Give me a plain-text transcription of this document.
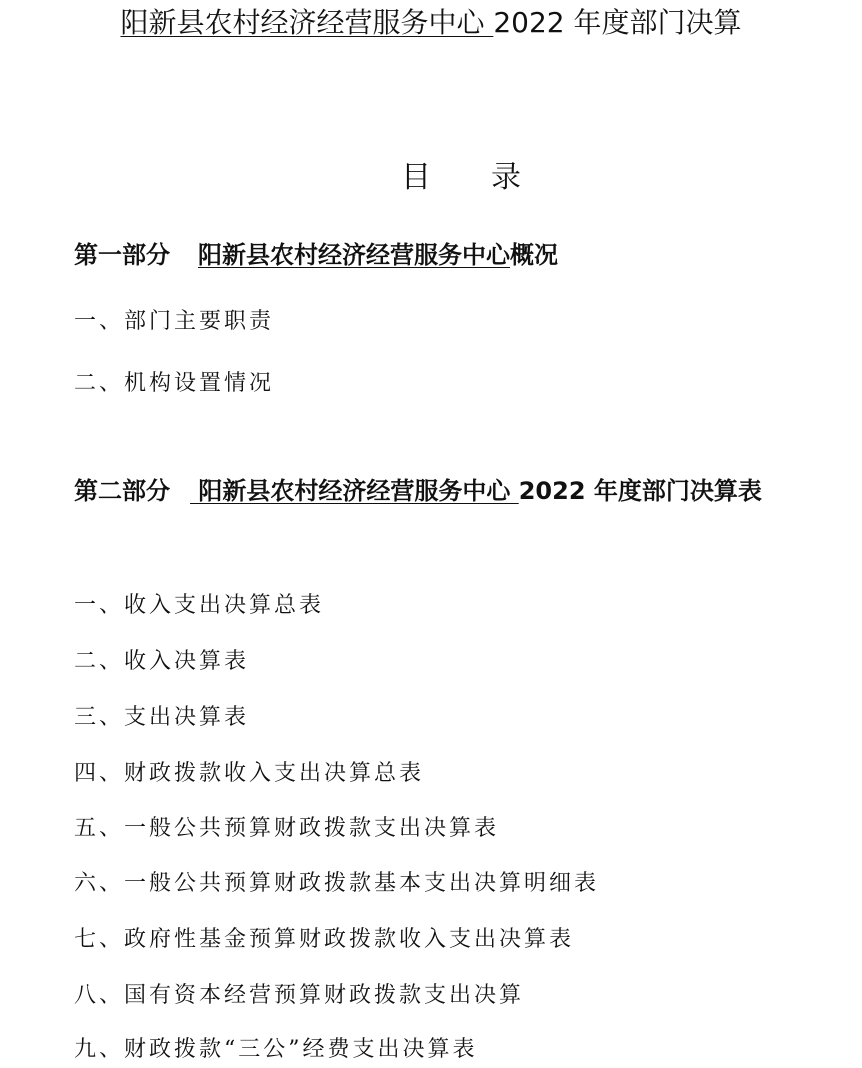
阳新县农村经济经营服务中心 2022 年度部门决算
目 录
第一部分 阳新县农村经济经营服务中心概况
一、部门主要职责
二、机构设置情况
第二部分 阳新县农村经济经营服务中心 2022 年度部门决算表
一、收入支出决算总表
二、收入决算表
三、支出决算表
四、财政拨款收入支出决算总表
五、一般公共预算财政拨款支出决算表
六、一般公共预算财政拨款基本支出决算明细表
七、政府性基金预算财政拨款收入支出决算表
八、国有资本经营预算财政拨款支出决算
九、财政拨款“三公”经费支出决算表
